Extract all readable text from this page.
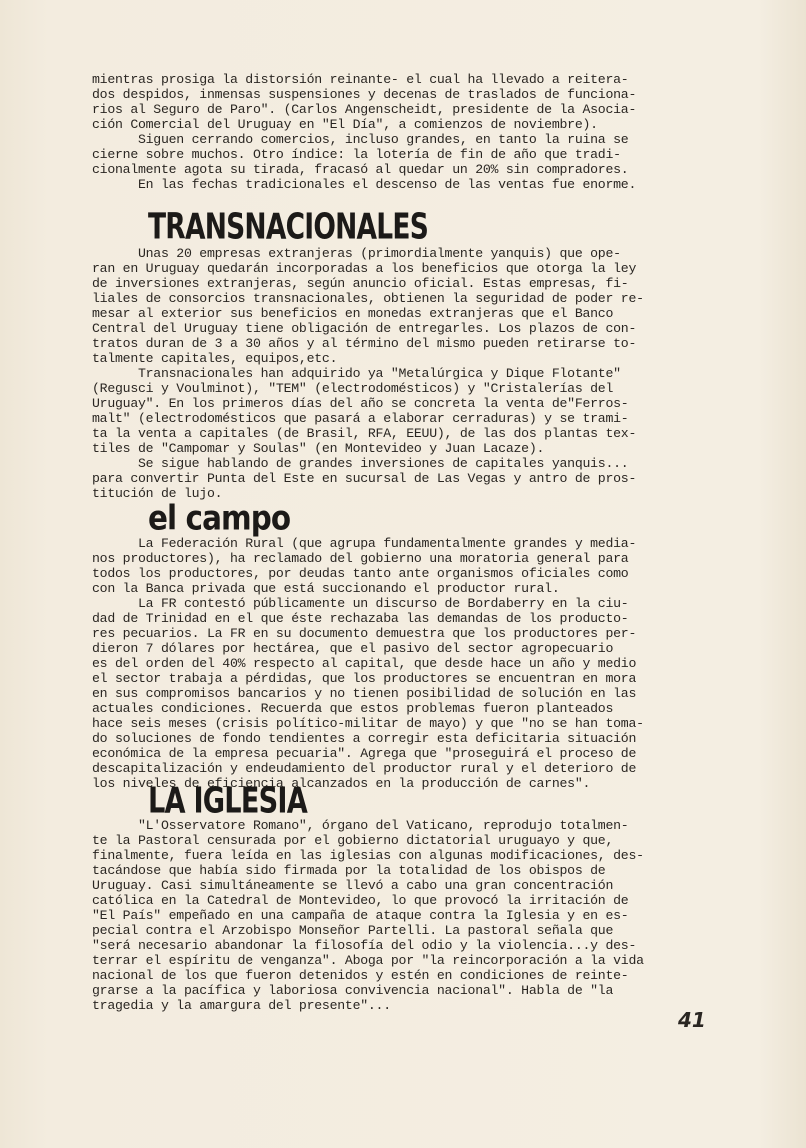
mientras prosiga la distorsión reinante- el cual ha llevado a reitera-
dos despidos, inmensas suspensiones y decenas de traslados de funciona-
rios al Seguro de Paro". (Carlos Angenscheidt, presidente de la Asocia-
ción Comercial del Uruguay en "El Día", a comienzos de noviembre).
Siguen cerrando comercios, incluso grandes, en tanto la ruina se
cierne sobre muchos. Otro índice: la lotería de fin de año que tradi-
cionalmente agota su tirada, fracasó al quedar un 20% sin compradores.
En las fechas tradicionales el descenso de las ventas fue enorme.

TRANSNACIONALES

Unas 20 empresas extranjeras (primordialmente yanquis) que ope-
ran en Uruguay quedarán incorporadas a los beneficios que otorga la ley
de inversiones extranjeras, según anuncio oficial. Estas empresas, fi-
liales de consorcios transnacionales, obtienen la seguridad de poder re-
mesar al exterior sus beneficios en monedas extranjeras que el Banco
Central del Uruguay tiene obligación de entregarles. Los plazos de con-
tratos duran de 3 a 30 años y al término del mismo pueden retirarse to-
talmente capitales, equipos,etc.
Transnacionales han adquirido ya "Metalúrgica y Dique Flotante"
(Regusci y Voulminot), "TEM" (electrodomésticos) y "Cristalerías del
Uruguay". En los primeros días del año se concreta la venta de"Ferros-
malt" (electrodomésticos que pasará a elaborar cerraduras) y se trami-
ta la venta a capitales (de Brasil, RFA, EEUU), de las dos plantas tex-
tiles de "Campomar y Soulas" (en Montevideo y Juan Lacaze).
Se sigue hablando de grandes inversiones de capitales yanquis...
para convertir Punta del Este en sucursal de Las Vegas y antro de pros-
titución de lujo.

el campo

La Federación Rural (que agrupa fundamentalmente grandes y media-
nos productores), ha reclamado del gobierno una moratoria general para
todos los productores, por deudas tanto ante organismos oficiales como
con la Banca privada que está succionando el productor rural.
La FR contestó públicamente un discurso de Bordaberry en la ciu-
dad de Trinidad en el que éste rechazaba las demandas de los producto-
res pecuarios. La FR en su documento demuestra que los productores per-
dieron 7 dólares por hectárea, que el pasivo del sector agropecuario
es del orden del 40% respecto al capital, que desde hace un año y medio
el sector trabaja a pérdidas, que los productores se encuentran en mora
en sus compromisos bancarios y no tienen posibilidad de solución en las
actuales condiciones. Recuerda que estos problemas fueron planteados
hace seis meses (crisis político-militar de mayo) y que "no se han toma-
do soluciones de fondo tendientes a corregir esta deficitaria situación
económica de la empresa pecuaria". Agrega que "proseguirá el proceso de
descapitalización y endeudamiento del productor rural y el deterioro de
los niveles de eficiencia alcanzados en la producción de carnes".

LA IGLESIA

"L'Osservatore Romano", órgano del Vaticano, reprodujo totalmen-
te la Pastoral censurada por el gobierno dictatorial uruguayo y que,
finalmente, fuera leída en las iglesias con algunas modificaciones, des-
tacándose que había sido firmada por la totalidad de los obispos de
Uruguay. Casi simultáneamente se llevó a cabo una gran concentración
católica en la Catedral de Montevideo, lo que provocó la irritación de
"El País" empeñado en una campaña de ataque contra la Iglesia y en es-
pecial contra el Arzobispo Monseñor Partelli. La pastoral señala que
"será necesario abandonar la filosofía del odio y la violencia...y des-
terrar el espíritu de venganza". Aboga por "la reincorporación a la vida
nacional de los que fueron detenidos y estén en condiciones de reinte-
grarse a la pacífica y laboriosa convivencia nacional". Habla de "la
tragedia y la amargura del presente"...

41
